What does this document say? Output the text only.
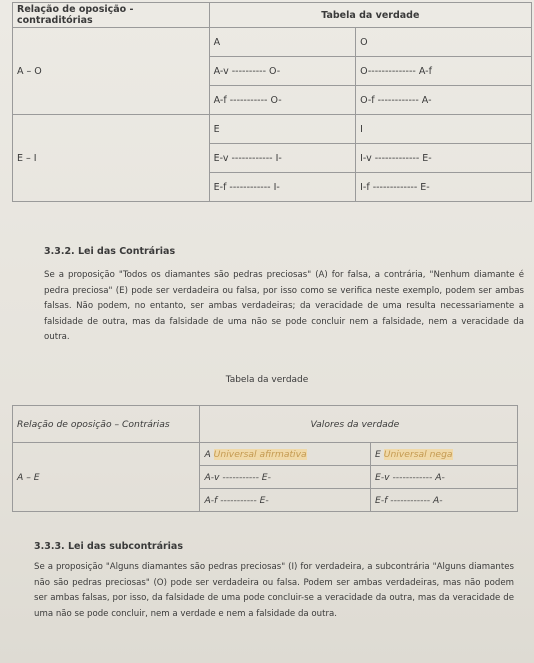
Relação de oposição - contraditórias	Tabela da verdade	
A – O	A	O
	A-v ---------- O-	O-------------- A-f
	A-f ----------- O-	O-f ------------ A-
E – I	E	I
	E-v ------------ I-	I-v ------------- E-
	E-f ------------ I-	I-f ------------- E-
3.3.2. Lei das Contrárias
Se a proposição "Todos os diamantes são pedras preciosas" (A) for falsa, a contrária, "Nenhum diamante é pedra preciosa" (E) pode ser verdadeira ou falsa, por isso como se verifica neste exemplo, podem ser ambas falsas. Não podem, no entanto, ser ambas verdadeiras; da veracidade de uma resulta necessariamente a falsidade de outra, mas da falsidade de uma não se pode concluir nem a falsidade, nem a veracidade da outra.
Tabela da verdade
Relação de oposição – Contrárias	Valores da verdade	
A – E	A Universal afirmativa	E Universal nega
	A-v ----------- E-	E-v ------------ A-
	A-f ----------- E-	E-f ------------ A-
3.3.3. Lei das subcontrárias
Se a proposição "Alguns diamantes são pedras preciosas" (I) for verdadeira, a subcontrária "Alguns diamantes não são pedras preciosas" (O) pode ser verdadeira ou falsa. Podem ser ambas verdadeiras, mas não podem ser ambas falsas, por isso, da falsidade de uma pode concluir-se a veracidade da outra, mas da veracidade de uma não se pode concluir, nem a verdade e nem a falsidade da outra.
